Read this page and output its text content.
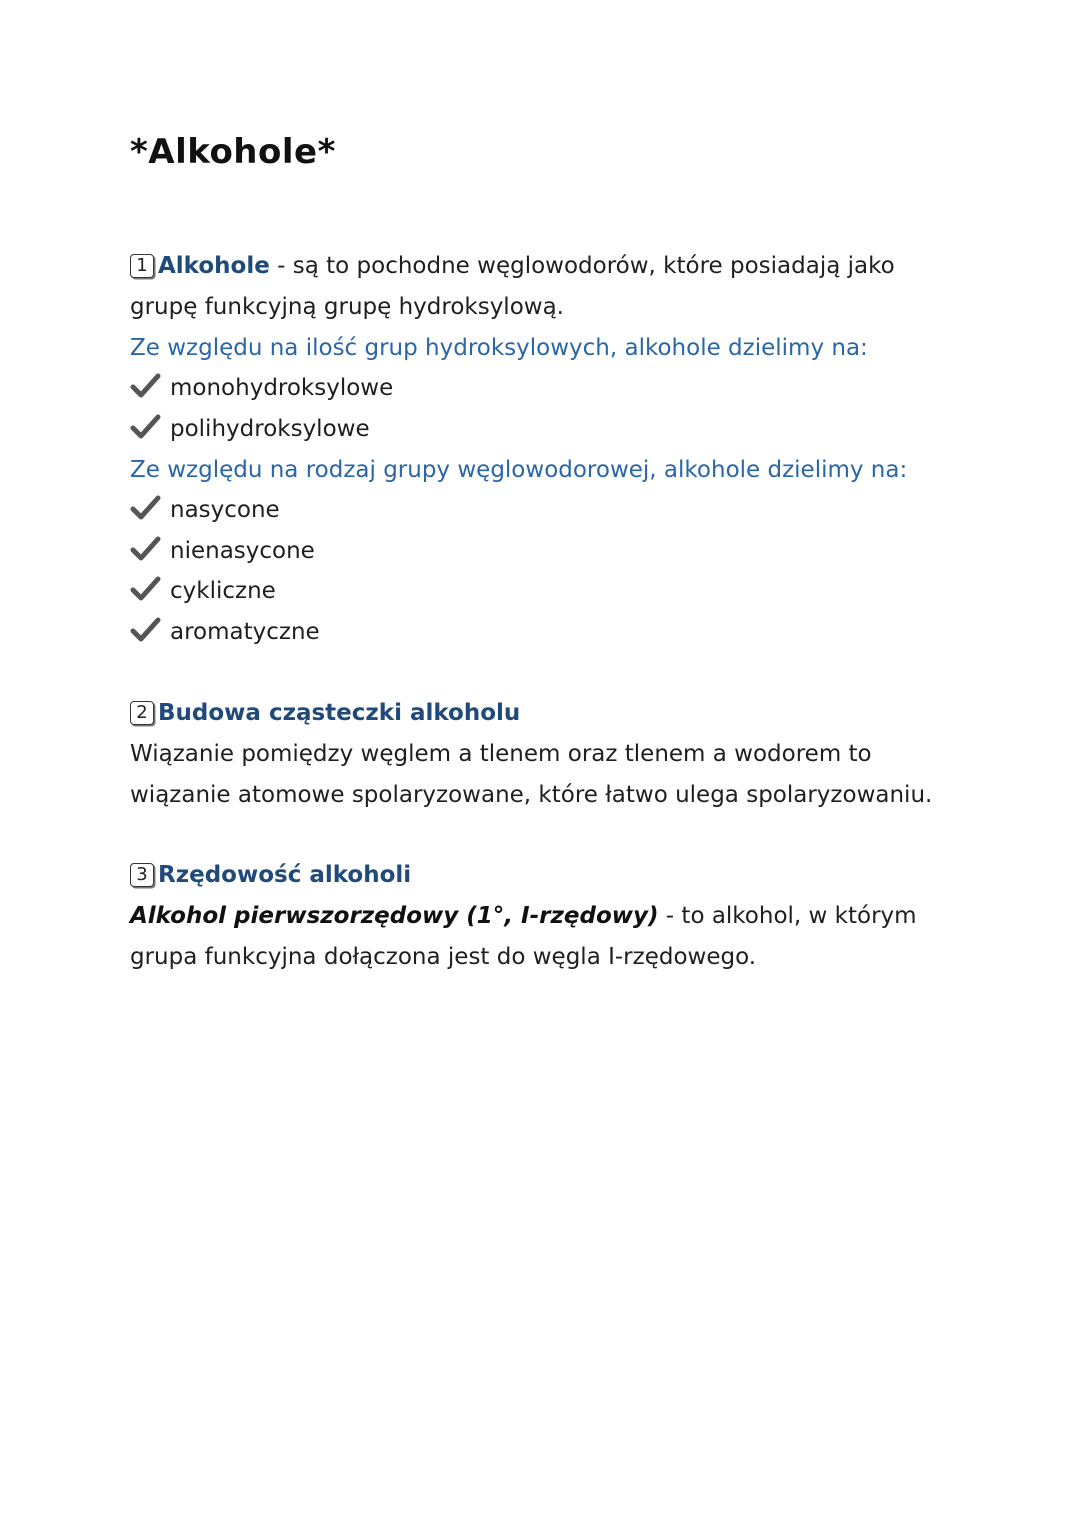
*Alkohole*
1 Alkohole - są to pochodne węglowodorów, które posiadają jako
grupę funkcyjną grupę hydroksylową.
Ze względu na ilość grup hydroksylowych, alkohole dzielimy na:
monohydroksylowe
polihydroksylowe
Ze względu na rodzaj grupy węglowodorowej, alkohole dzielimy na:
nasycone
nienasycone
cykliczne
aromatyczne
2 Budowa cząsteczki alkoholu
Wiązanie pomiędzy węglem a tlenem oraz tlenem a wodorem to
wiązanie atomowe spolaryzowane, które łatwo ulega spolaryzowaniu.
3 Rzędowość alkoholi
Alkohol pierwszorzędowy (1°, I-rzędowy) - to alkohol, w którym
grupa funkcyjna dołączona jest do węgla I-rzędowego.
